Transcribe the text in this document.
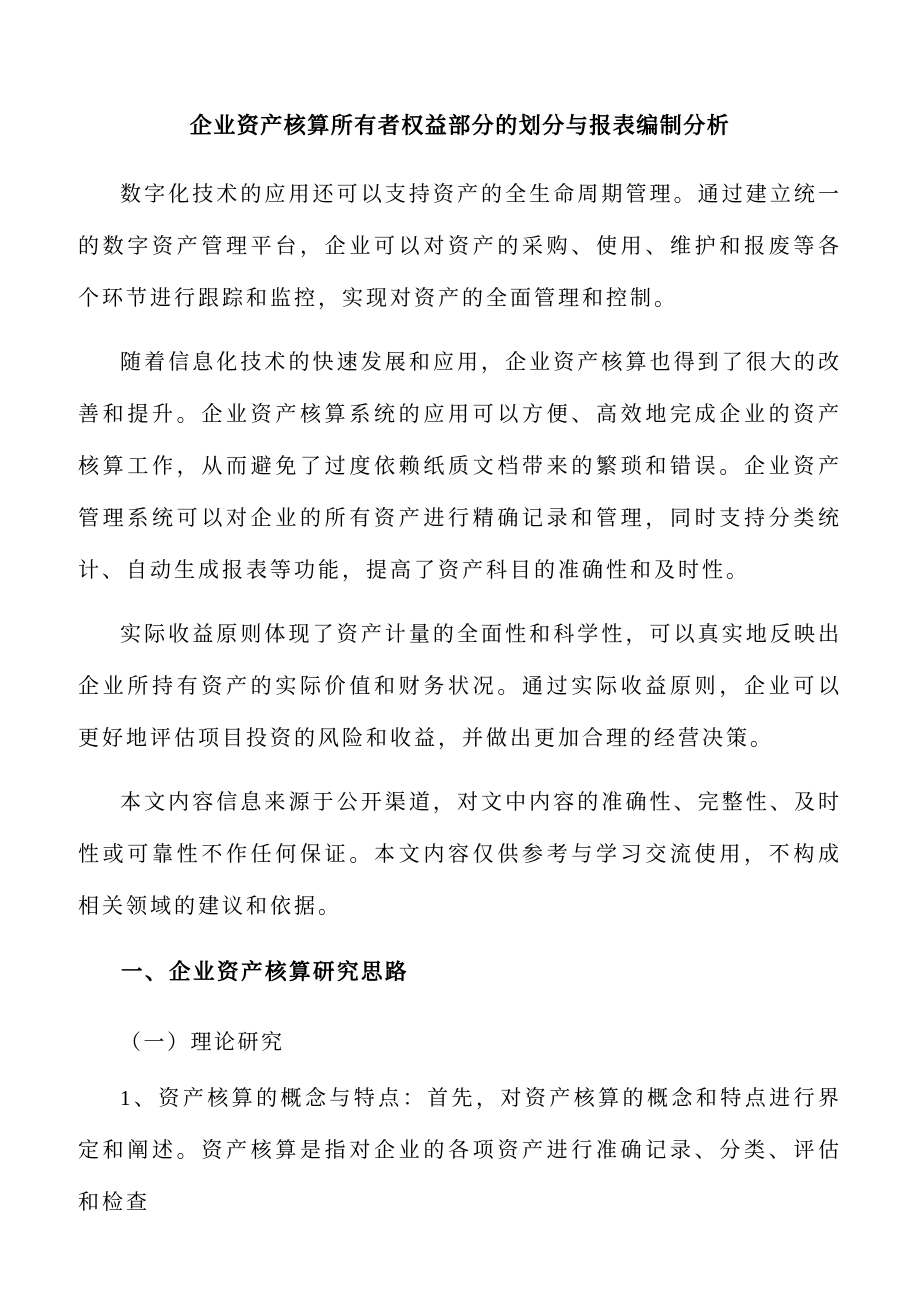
企业资产核算所有者权益部分的划分与报表编制分析

数字化技术的应用还可以支持资产的全生命周期管理。通过建立统一的数字资产管理平台，企业可以对资产的采购、使用、维护和报废等各个环节进行跟踪和监控，实现对资产的全面管理和控制。

随着信息化技术的快速发展和应用，企业资产核算也得到了很大的改善和提升。企业资产核算系统的应用可以方便、高效地完成企业的资产核算工作，从而避免了过度依赖纸质文档带来的繁琐和错误。企业资产管理系统可以对企业的所有资产进行精确记录和管理，同时支持分类统计、自动生成报表等功能，提高了资产科目的准确性和及时性。

实际收益原则体现了资产计量的全面性和科学性，可以真实地反映出企业所持有资产的实际价值和财务状况。通过实际收益原则，企业可以更好地评估项目投资的风险和收益，并做出更加合理的经营决策。

本文内容信息来源于公开渠道，对文中内容的准确性、完整性、及时性或可靠性不作任何保证。本文内容仅供参考与学习交流使用，不构成相关领域的建议和依据。

一、企业资产核算研究思路
（一）理论研究

1、资产核算的概念与特点：首先，对资产核算的概念和特点进行界定和阐述。资产核算是指对企业的各项资产进行准确记录、分类、评估和检查
